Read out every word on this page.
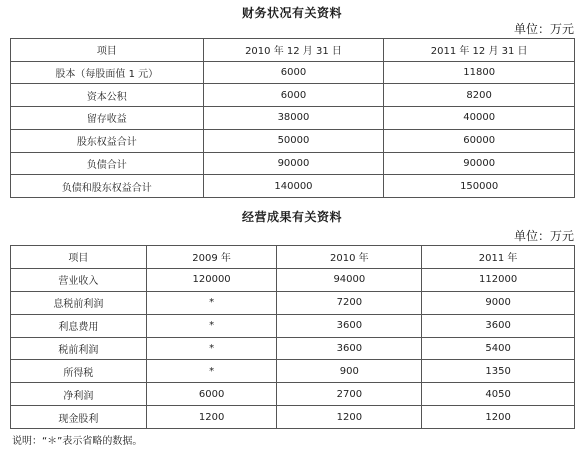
财务状况有关资料
单位：万元
项目	2010 年 12 月 31 日	2011 年 12 月 31 日
股本（每股面值 1 元）	6000	11800
资本公积	6000	8200
留存收益	38000	40000
股东权益合计	50000	60000
负债合计	90000	90000
负债和股东权益合计	140000	150000
经营成果有关资料
单位：万元
项目	2009 年	2010 年	2011 年
营业收入	120000	94000	112000
息税前利润	*	7200	9000
利息费用	*	3600	3600
税前利润	*	3600	5400
所得税	*	900	1350
净利润	6000	2700	4050
现金股利	1200	1200	1200
说明：“＊”表示省略的数据。
